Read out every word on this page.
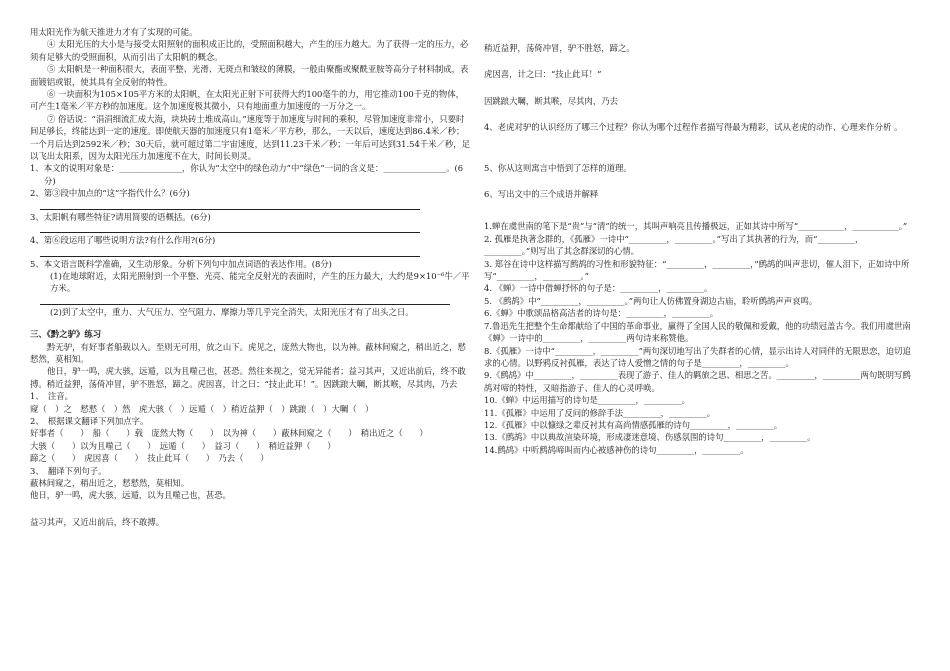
用太阳光作为航天推进力才有了实现的可能。

④ 太阳光压的大小是与接受太阳照射的面积成正比的，受照面积越大，产生的压力越大。为了获得一定的压力，必须有足够大的受照面积，从而引出了太阳帆的概念。

⑤ 太阳帆是一种面积很大，表面平整、光滑、无斑点和皱纹的薄膜，一般由聚酯或聚酰亚胺等高分子材料制成，表面镀铝或银，使其具有全反射的特性。

⑥ 一块面积为105×105平方米的太阳帆，在太阳光正射下可获得大约100毫牛的力，用它推动100千克的物体，可产生1毫米／平方秒的加速度。这个加速度极其微小，只有地面重力加速度的一万分之一。

⑦ 俗话说：“涓涓细流汇成大海，块块砖土堆成高山。”速度等于加速度与时间的乘积，尽管加速度非常小，只要时间足够长，终能达到一定的速度。即使航天器的加速度只有1毫米／平方秒，那么，一天以后，速度达到86.4米／秒；一个月后达到2592米／秒；30天后，就可超过第二宇宙速度，达到11.23千米／秒；一年后可达到31.54千米／秒，足以飞出太阳系，因为太阳光压力加速度不在大，时间长则灵。

1、本文的说明对象是：_______________，你认为“太空中的绿色动力”中“绿色”一词的含义是：_______________。(6分)

2、第③段中加点的“这”字指代什么？(6分)

3、太阳帆有哪些特征?请用简要的语概括。(6分)

4、第⑥段运用了哪些说明方法?有什么作用?(6分)

5、本文语言既科学准确，又生动形象。分析下列句中加点词语的表达作用。(8分)

(1)在地球附近，太阳光照射到一个平整、光亮、能完全反射光的表面时，产生的压力最大，大约是9×10⁻⁶牛／平方米。

(2)到了太空中，重力、大气压力、空气阻力、摩擦力等几乎完全消失，太阳光压才有了出头之日。

三、《黔之驴》练习

黔无驴，有好事者船载以入。至则无可用，放之山下。虎见之，庞然大物也，以为神。蔽林间窥之，稍出近之，慭慭然，莫相知。

他日，驴一鸣，虎大骇，远遁，以为且噬己也，甚恐。然往来视之，觉无异能者；益习其声，又近出前后，终不敢搏。稍近益狎，荡倚冲冒，驴不胜怒，蹄之。虎因喜，计之曰：“技止此耳！”。因跳踉大㘎，断其喉，尽其肉，乃去

1、　注音。

窥（　）之　慭慭（　）然　虎大骇（　）远遁（　）稍近益狎（　）跳踉（　）大㘎（　）

2、　根据课文翻译下列加点字。

好事者（　　）　船（　　）载　庞然大物（　　）　以为神（　　）蔽林间窥之（　　）　稍出近之（　　）

大骇（　　）以为且噬己（　　）　远遁（　　）　益习（　　）　稍近益狎（　　）

蹄之（　　）　虎因喜（　　）　技止此耳（　　）　乃去（　　）

3、　翻译下列句子。

蔽林间窥之，稍出近之，慭慭然，莫相知。

他日，驴一鸣，虎大骇，远遁，以为且噬己也，甚恐。

益习其声，又近出前后，终不敢搏。

稍近益狎，荡倚冲冒，驴不胜怒，蹄之。

虎因喜，计之曰：“技止此耳！”

因跳踉大㘎，断其喉，尽其肉，乃去

4、老虎对驴的认识经历了哪三个过程？你认为哪个过程作者描写得最为精彩，试从老虎的动作、心理来作分析 。

5、你从这则寓言中悟到了怎样的道理。

6、写出文中的三个成语并解释

1.蝉在虞世南的笔下是“贵”与“清”的统一，其叫声响亮且传播极远，正如其诗中所写“___________，___________。”

2. 孤雁是执著念群的，《孤雁》一诗中“_________，_________。”写出了其执著的行为，而“_________，_________。”则写出了其念群深切的心情。

3. 郑谷在诗中这样描写鹧鸪的习性和形貌特征：“_________，_________，”鹧鸪的叫声悲切，催人泪下，正如诗中所写“_________，_________。”

4. 《蝉》一诗中借蝉抒怀的句子是：_________，_________。

5. 《鹧鸪》中“_________，_________。”两句让人仿佛置身湖边古庙，聆听鹧鸪声声哀鸣。

6.《蝉》中歌颂品格高洁者的诗句是：_________，_________。

7.鲁迅先生把整个生命都献给了中国的革命事业，赢得了全国人民的敬佩和爱戴，他的功绩冠盖古今。我们用虞世南《蝉》一诗中的_________，_________两句诗来称赞他。

8.《孤雁》一诗中“_________，_________”两句深切地写出了失群者的心情，显示出诗人对同伴的无限思恋，迫切追求的心情。以野鸦反衬孤雁，表达了诗人爱憎之情的句子是_________，_________。

9.《鹧鸪》中_________，_________表现了游子、佳人的羁旅之思、相思之苦。_________，_________两句既明写鹧鸪对啼的特性，又暗指游子、佳人的心灵呼唤。

10.《蝉》中运用描写的诗句是_________，_________。

11.《孤雁》中运用了反问的修辞手法_________，_________。

12.《孤雁》中以慷绿之辈反衬其有高尚情感孤雁的诗句_________，_________。

13.《鹧鸪》中以典故渲染环境，形成凄迷意境、伤感氛围的诗句_________，_________。

14.鹧鸪》中听鹧鸪啼叫而内心被感神伤的诗句_________，_________。
